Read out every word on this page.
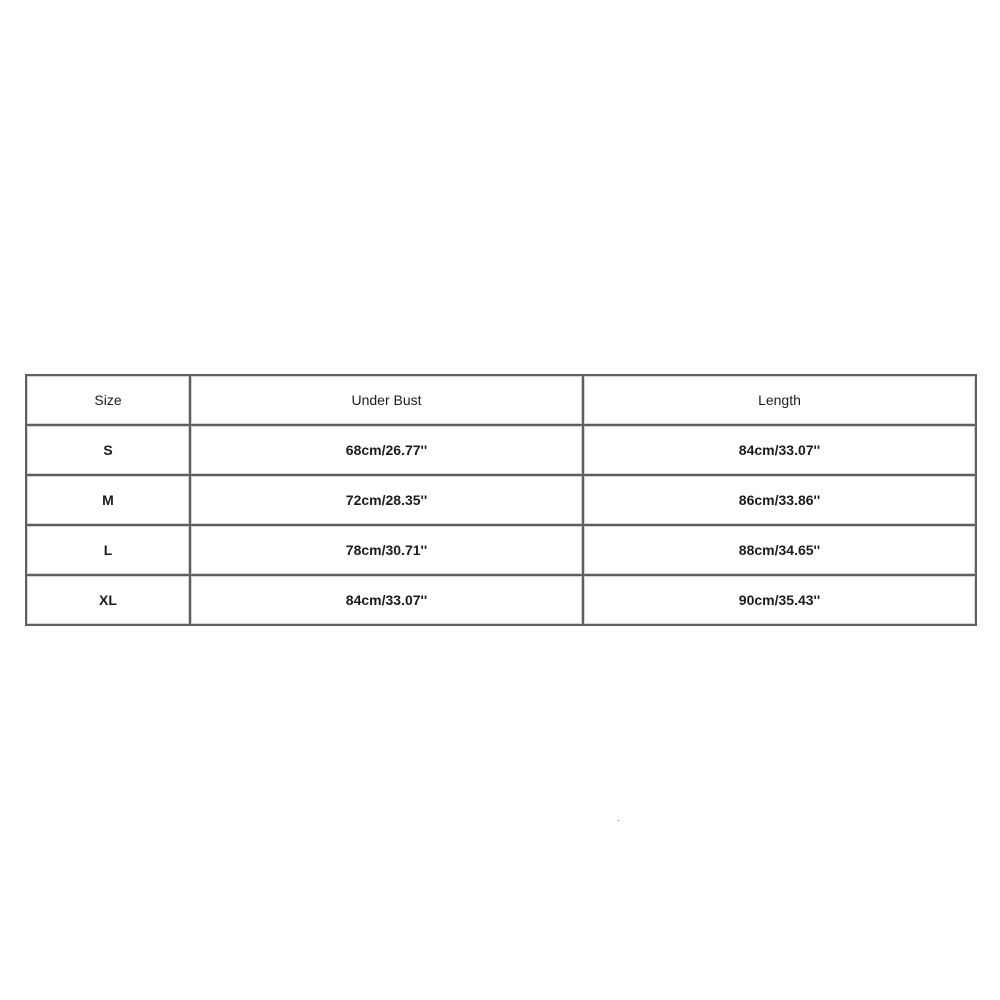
Size	Under Bust	Length
S	68cm/26.77''	84cm/33.07''
M	72cm/28.35''	86cm/33.86''
L	78cm/30.71''	88cm/34.65''
XL	84cm/33.07''	90cm/35.43''
